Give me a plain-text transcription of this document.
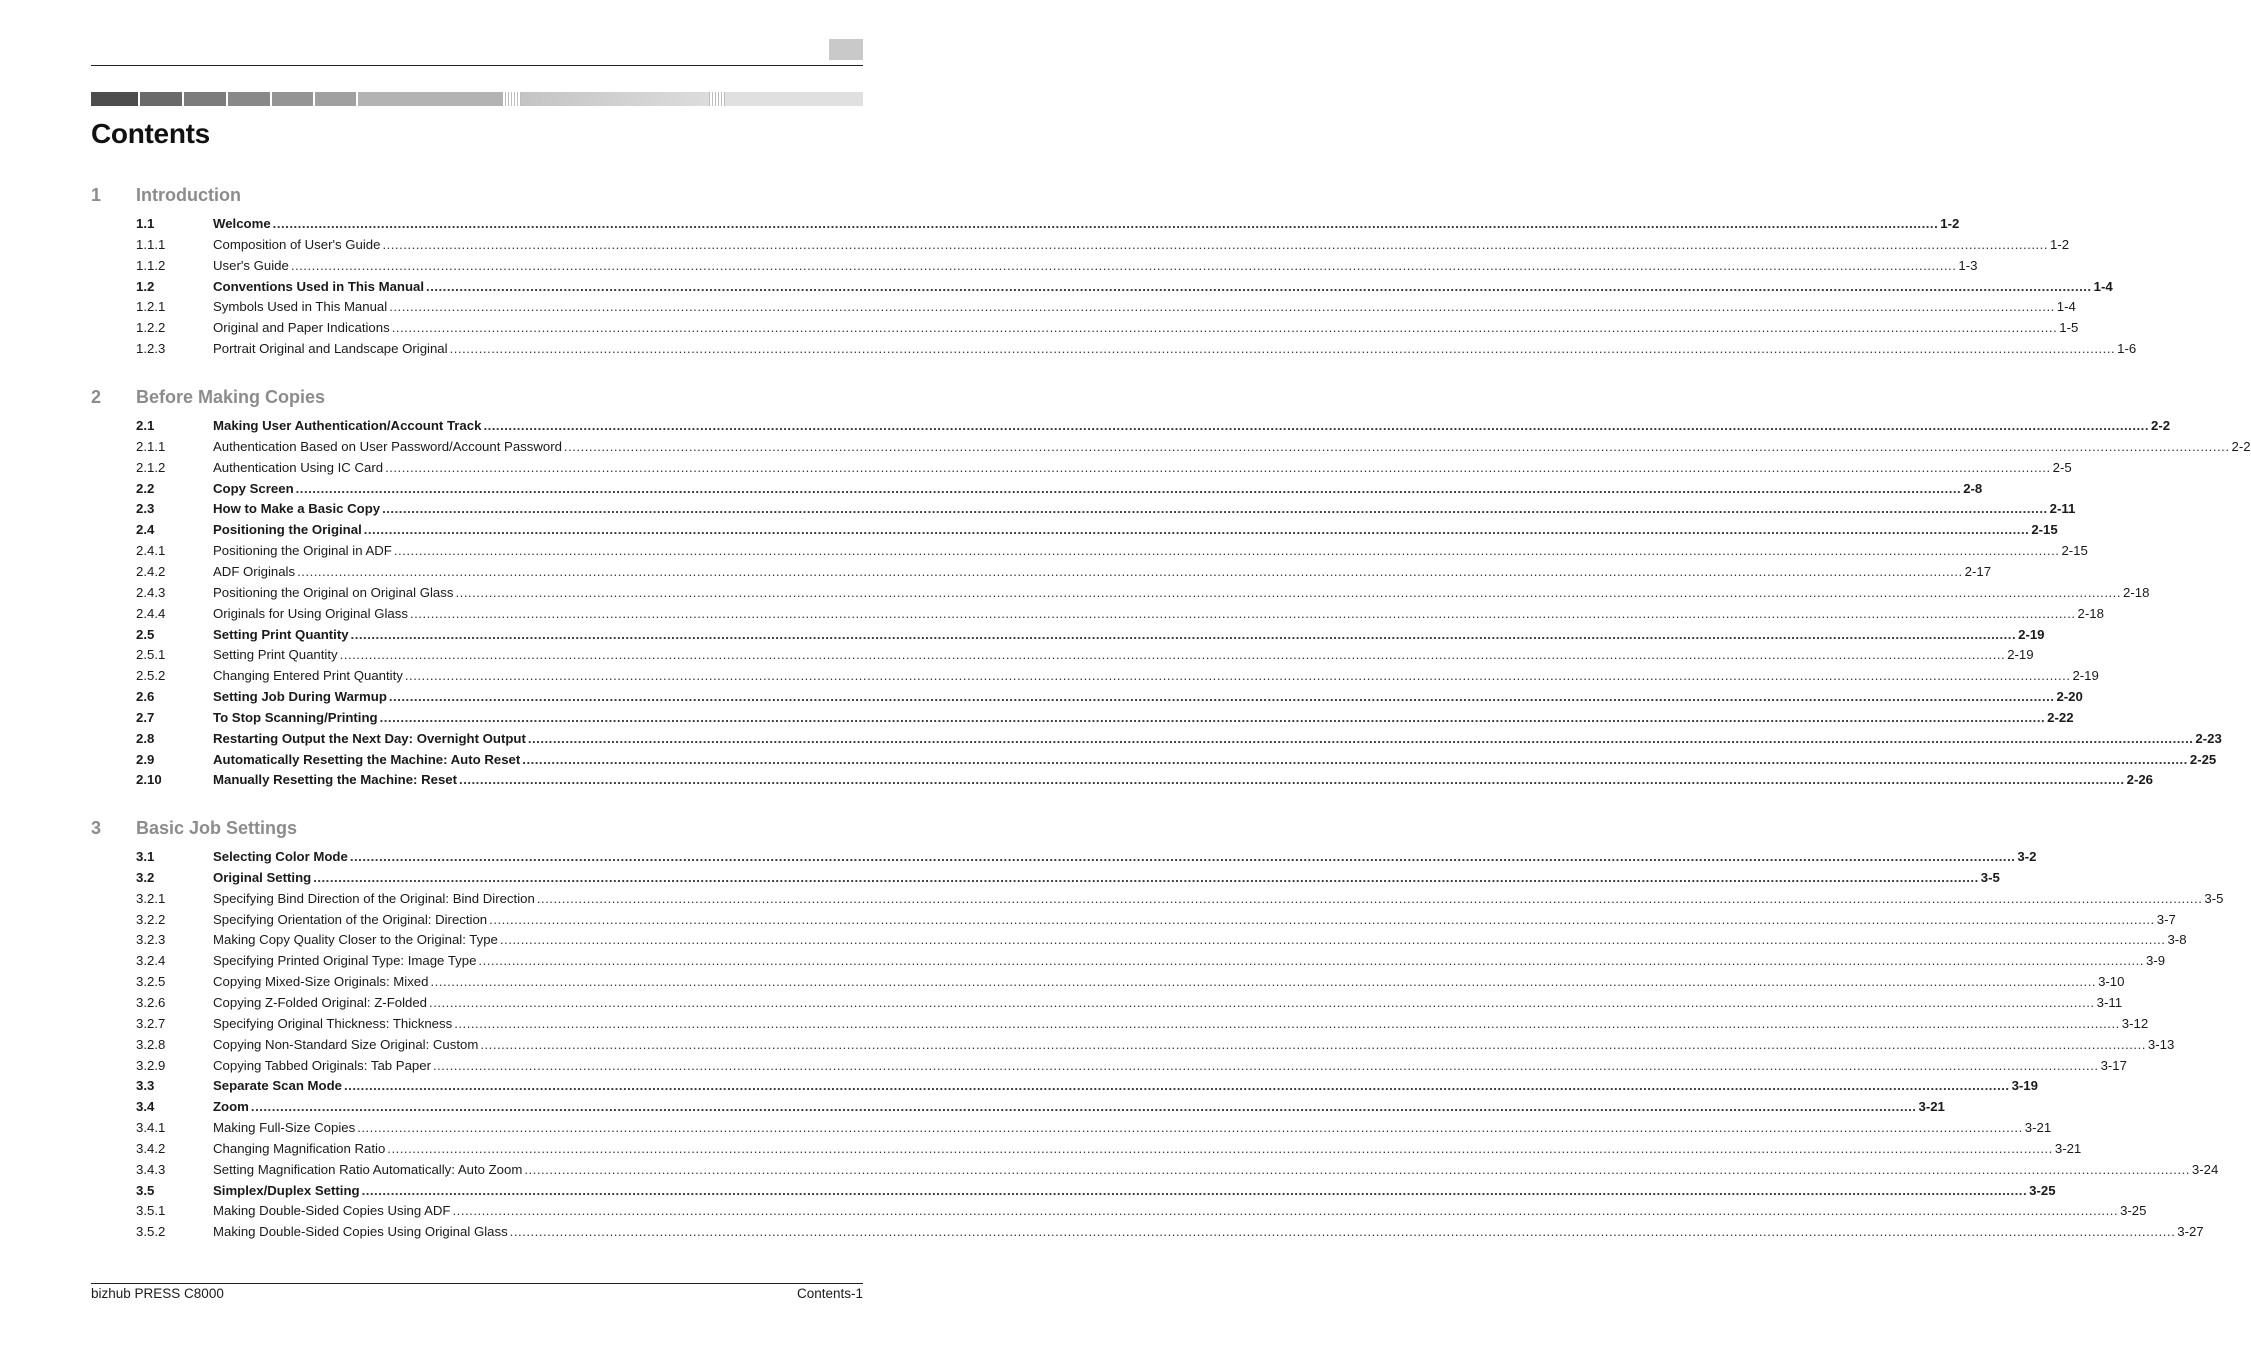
Contents
1 Introduction
2 Before Making Copies
3 Basic Job Settings
1.1	Welcome ................................................................................................................................................................................................................................................................................................................................................................................................................ 1-2
1.1.1	Composition of User's Guide ................................................................................................................................................................................................................................................................................................................................................................................................................ 1-2
1.1.2	User's Guide ................................................................................................................................................................................................................................................................................................................................................................................................................ 1-3
1.2	Conventions Used in This Manual ................................................................................................................................................................................................................................................................................................................................................................................................................ 1-4
1.2.1	Symbols Used in This Manual ................................................................................................................................................................................................................................................................................................................................................................................................................ 1-4
1.2.2	Original and Paper Indications ................................................................................................................................................................................................................................................................................................................................................................................................................ 1-5
1.2.3	Portrait Original and Landscape Original ................................................................................................................................................................................................................................................................................................................................................................................................................ 1-6
2.1	Making User Authentication/Account Track ................................................................................................................................................................................................................................................................................................................................................................................................................ 2-2
2.1.1	Authentication Based on User Password/Account Password ................................................................................................................................................................................................................................................................................................................................................................................................................ 2-2
2.1.2	Authentication Using IC Card ................................................................................................................................................................................................................................................................................................................................................................................................................ 2-5
2.2	Copy Screen ................................................................................................................................................................................................................................................................................................................................................................................................................ 2-8
2.3	How to Make a Basic Copy ................................................................................................................................................................................................................................................................................................................................................................................................................ 2-11
2.4	Positioning the Original ................................................................................................................................................................................................................................................................................................................................................................................................................ 2-15
2.4.1	Positioning the Original in ADF ................................................................................................................................................................................................................................................................................................................................................................................................................ 2-15
2.4.2	ADF Originals ................................................................................................................................................................................................................................................................................................................................................................................................................ 2-17
2.4.3	Positioning the Original on Original Glass ................................................................................................................................................................................................................................................................................................................................................................................................................ 2-18
2.4.4	Originals for Using Original Glass ................................................................................................................................................................................................................................................................................................................................................................................................................ 2-18
2.5	Setting Print Quantity ................................................................................................................................................................................................................................................................................................................................................................................................................ 2-19
2.5.1	Setting Print Quantity ................................................................................................................................................................................................................................................................................................................................................................................................................ 2-19
2.5.2	Changing Entered Print Quantity ................................................................................................................................................................................................................................................................................................................................................................................................................ 2-19
2.6	Setting Job During Warmup ................................................................................................................................................................................................................................................................................................................................................................................................................ 2-20
2.7	To Stop Scanning/Printing ................................................................................................................................................................................................................................................................................................................................................................................................................ 2-22
2.8	Restarting Output the Next Day: Overnight Output ................................................................................................................................................................................................................................................................................................................................................................................................................ 2-23
2.9	Automatically Resetting the Machine: Auto Reset ................................................................................................................................................................................................................................................................................................................................................................................................................ 2-25
2.10	Manually Resetting the Machine: Reset ................................................................................................................................................................................................................................................................................................................................................................................................................ 2-26
3.1	Selecting Color Mode ................................................................................................................................................................................................................................................................................................................................................................................................................ 3-2
3.2	Original Setting ................................................................................................................................................................................................................................................................................................................................................................................................................ 3-5
3.2.1	Specifying Bind Direction of the Original: Bind Direction ................................................................................................................................................................................................................................................................................................................................................................................................................ 3-5
3.2.2	Specifying Orientation of the Original: Direction ................................................................................................................................................................................................................................................................................................................................................................................................................ 3-7
3.2.3	Making Copy Quality Closer to the Original: Type ................................................................................................................................................................................................................................................................................................................................................................................................................ 3-8
3.2.4	Specifying Printed Original Type: Image Type ................................................................................................................................................................................................................................................................................................................................................................................................................ 3-9
3.2.5	Copying Mixed-Size Originals: Mixed ................................................................................................................................................................................................................................................................................................................................................................................................................ 3-10
3.2.6	Copying Z-Folded Original: Z-Folded ................................................................................................................................................................................................................................................................................................................................................................................................................ 3-11
3.2.7	Specifying Original Thickness: Thickness ................................................................................................................................................................................................................................................................................................................................................................................................................ 3-12
3.2.8	Copying Non-Standard Size Original: Custom ................................................................................................................................................................................................................................................................................................................................................................................................................ 3-13
3.2.9	Copying Tabbed Originals: Tab Paper ................................................................................................................................................................................................................................................................................................................................................................................................................ 3-17
3.3	Separate Scan Mode ................................................................................................................................................................................................................................................................................................................................................................................................................ 3-19
3.4	Zoom ................................................................................................................................................................................................................................................................................................................................................................................................................ 3-21
3.4.1	Making Full-Size Copies ................................................................................................................................................................................................................................................................................................................................................................................................................ 3-21
3.4.2	Changing Magnification Ratio ................................................................................................................................................................................................................................................................................................................................................................................................................ 3-21
3.4.3	Setting Magnification Ratio Automatically: Auto Zoom ................................................................................................................................................................................................................................................................................................................................................................................................................ 3-24
3.5	Simplex/Duplex Setting ................................................................................................................................................................................................................................................................................................................................................................................................................ 3-25
3.5.1	Making Double-Sided Copies Using ADF ................................................................................................................................................................................................................................................................................................................................................................................................................ 3-25
3.5.2	Making Double-Sided Copies Using Original Glass ................................................................................................................................................................................................................................................................................................................................................................................................................ 3-27
bizhub PRESS C8000	Contents-1
